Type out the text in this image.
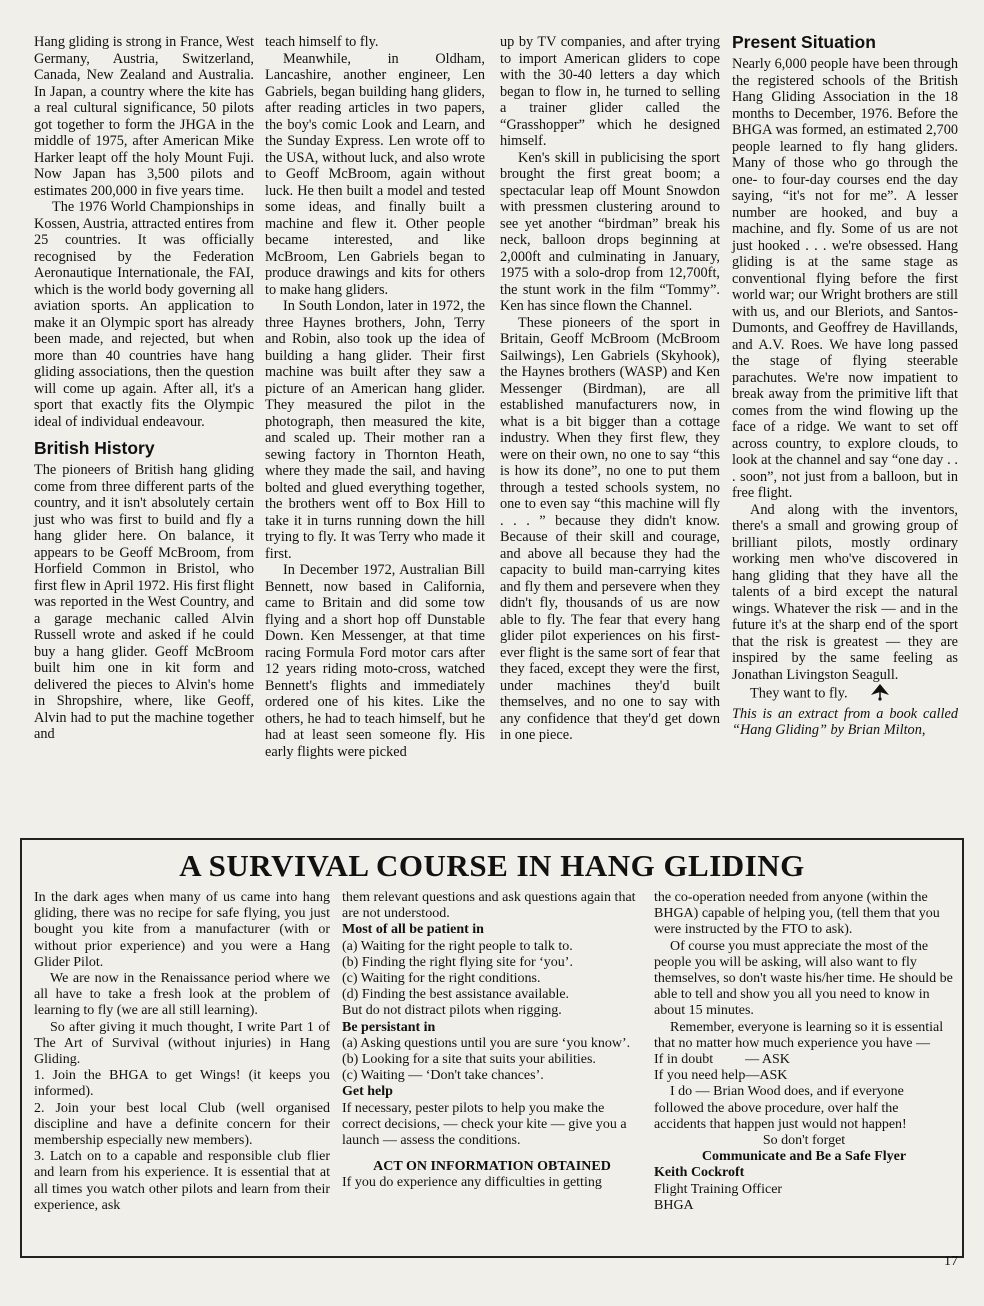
Hang gliding is strong in France, West Germany, Austria, Switzerland, Canada, New Zealand and Australia. In Japan, a country where the kite has a real cultural significance, 50 pilots got together to form the JHGA in the middle of 1975, after American Mike Harker leapt off the holy Mount Fuji. Now Japan has 3,500 pilots and estimates 200,000 in five years time.

The 1976 World Championships in Kossen, Austria, attracted entires from 25 countries. It was officially recognised by the Federation Aeronautique Internationale, the FAI, which is the world body governing all aviation sports. An application to make it an Olympic sport has already been made, and rejected, but when more than 40 countries have hang gliding associations, then the question will come up again. After all, it's a sport that exactly fits the Olympic ideal of individual endeavour.

British History

The pioneers of British hang gliding come from three different parts of the country, and it isn't absolutely certain just who was first to build and fly a hang glider here. On balance, it appears to be Geoff McBroom, from Horfield Common in Bristol, who first flew in April 1972. His first flight was reported in the West Country, and a garage mechanic called Alvin Russell wrote and asked if he could buy a hang glider. Geoff McBroom built him one in kit form and delivered the pieces to Alvin's home in Shropshire, where, like Geoff, Alvin had to put the machine together and

teach himself to fly.

Meanwhile, in Oldham, Lancashire, another engineer, Len Gabriels, began building hang gliders, after reading articles in two papers, the boy's comic Look and Learn, and the Sunday Express. Len wrote off to the USA, without luck, and also wrote to Geoff McBroom, again without luck. He then built a model and tested some ideas, and finally built a machine and flew it. Other people became interested, and like McBroom, Len Gabriels began to produce drawings and kits for others to make hang gliders.

In South London, later in 1972, the three Haynes brothers, John, Terry and Robin, also took up the idea of building a hang glider. Their first machine was built after they saw a picture of an American hang glider. They measured the pilot in the photograph, then measured the kite, and scaled up. Their mother ran a sewing factory in Thornton Heath, where they made the sail, and having bolted and glued everything together, the brothers went off to Box Hill to take it in turns running down the hill trying to fly. It was Terry who made it first.

In December 1972, Australian Bill Bennett, now based in California, came to Britain and did some tow flying and a short hop off Dunstable Down. Ken Messenger, at that time racing Formula Ford motor cars after 12 years riding moto-cross, watched Bennett's flights and immediately ordered one of his kites. Like the others, he had to teach himself, but he had at least seen someone fly. His early flights were picked

up by TV companies, and after trying to import American gliders to cope with the 30-40 letters a day which began to flow in, he turned to selling a trainer glider called the “Grasshopper” which he designed himself.

Ken's skill in publicising the sport brought the first great boom; a spectacular leap off Mount Snowdon with pressmen clustering around to see yet another “birdman” break his neck, balloon drops beginning at 2,000ft and culminating in January, 1975 with a solo-drop from 12,700ft, the stunt work in the film “Tommy”. Ken has since flown the Channel.

These pioneers of the sport in Britain, Geoff McBroom (McBroom Sailwings), Len Gabriels (Skyhook), the Haynes brothers (WASP) and Ken Messenger (Birdman), are all established manufacturers now, in what is a bit bigger than a cottage industry. When they first flew, they were on their own, no one to say “this is how its done”, no one to put them through a tested schools system, no one to even say “this machine will fly . . . ” because they didn't know. Because of their skill and courage, and above all because they had the capacity to build man-carrying kites and fly them and persevere when they didn't fly, thousands of us are now able to fly. The fear that every hang glider pilot experiences on his first-ever flight is the same sort of fear that they faced, except they were the first, under machines they'd built themselves, and no one to say with any confidence that they'd get down in one piece.

Present Situation

Nearly 6,000 people have been through the registered schools of the British Hang Gliding Association in the 18 months to December, 1976. Before the BHGA was formed, an estimated 2,700 people learned to fly hang gliders. Many of those who go through the one- to four-day courses end the day saying, “it's not for me”. A lesser number are hooked, and buy a machine, and fly. Some of us are not just hooked . . . we're obsessed. Hang gliding is at the same stage as conventional flying before the first world war; our Wright brothers are still with us, and our Bleriots, and Santos-Dumonts, and Geoffrey de Havillands, and A.V. Roes. We have long passed the stage of flying steerable parachutes. We're now impatient to break away from the primitive lift that comes from the wind flowing up the face of a ridge. We want to set off across country, to explore clouds, to look at the channel and say “one day . . . soon”, not just from a balloon, but in free flight.

And along with the inventors, there's a small and growing group of brilliant pilots, mostly ordinary working men who've discovered in hang gliding that they have all the talents of a bird except the natural wings. Whatever the risk — and in the future it's at the sharp end of the sport that the risk is greatest — they are inspired by the same feeling as Jonathan Livingston Seagull.

They want to fly.

This is an extract from a book called “Hang Gliding” by Brian Milton,

A SURVIVAL COURSE IN HANG GLIDING

In the dark ages when many of us came into hang gliding, there was no recipe for safe flying, you just bought you kite from a manufacturer (with or without prior experience) and you were a Hang Glider Pilot.

We are now in the Renaissance period where we all have to take a fresh look at the problem of learning to fly (we are all still learning).

So after giving it much thought, I write Part 1 of The Art of Survival (without injuries) in Hang Gliding.

1. Join the BHGA to get Wings! (it keeps you informed).

2. Join your best local Club (well organised discipline and have a definite concern for their membership especially new members).

3. Latch on to a capable and responsible club flier and learn from his experience. It is essential that at all times you watch other pilots and learn from their experience, ask

them relevant questions and ask questions again that are not understood.

Most of all be patient in

(a) Waiting for the right people to talk to.

(b) Finding the right flying site for ‘you’.

(c) Waiting for the right conditions.

(d) Finding the best assistance available.

But do not distract pilots when rigging.

Be persistant in

(a) Asking questions until you are sure ‘you know’.

(b) Looking for a site that suits your abilities.

(c) Waiting — ‘Don't take chances’.

Get help

If necessary, pester pilots to help you make the correct decisions, — check your kite — give you a launch — assess the conditions.

ACT ON INFORMATION OBTAINED

If you do experience any difficulties in getting

the co-operation needed from anyone (within the BHGA) capable of helping you, (tell them that you were instructed by the FTO to ask).

Of course you must appreciate the most of the people you will be asking, will also want to fly themselves, so don't waste his/her time. He should be able to tell and show you all you need to know in about 15 minutes.

Remember, everyone is learning so it is essential that no matter how much experience you have —

If in doubt — ASK

If you need help—ASK

I do — Brian Wood does, and if everyone followed the above procedure, over half the accidents that happen just would not happen!

So don't forget

Communicate and Be a Safe Flyer

Keith Cockroft

Flight Training Officer

BHGA

17
